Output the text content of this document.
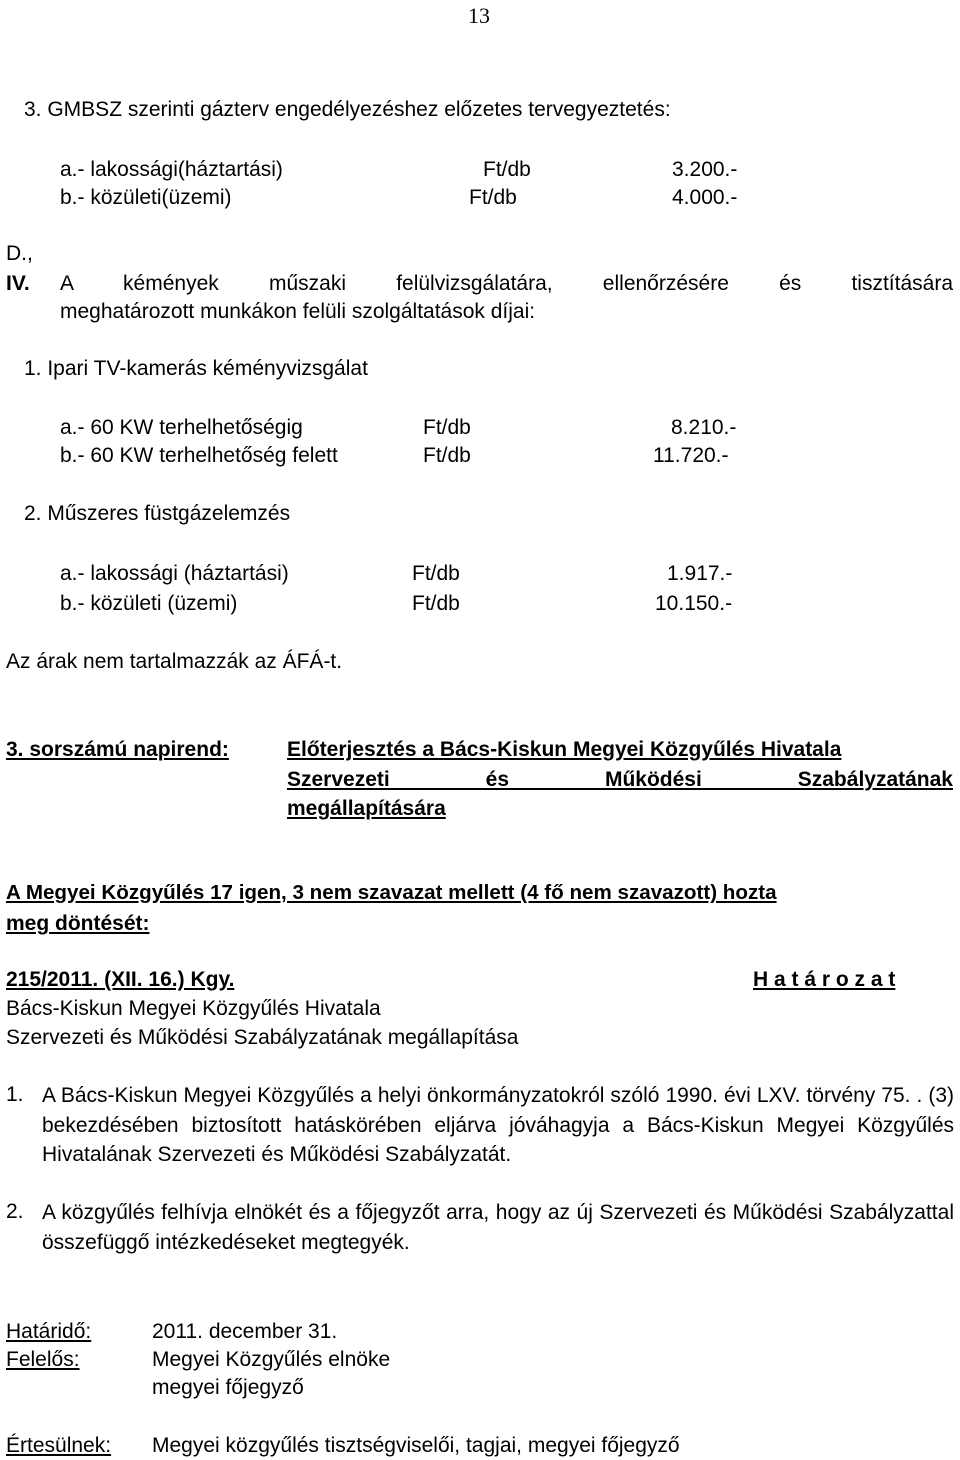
13
3. GMBSZ szerinti gázterv engedélyezéshez előzetes tervegyeztetés:
a.- lakossági(háztartási)	Ft/db	3.200.-
b.- közületi(üzemi)	Ft/db	4.000.-
D.,
IV. A kémények műszaki felülvizsgálatára, ellenőrzésére és tisztítására
meghatározott munkákon felüli szolgáltatások díjai:
1. Ipari TV-kamerás kéményvizsgálat
a.- 60 KW terhelhetőségig	Ft/db	8.210.-
b.- 60 KW terhelhetőség felett	Ft/db	11.720.-
2. Műszeres füstgázelemzés
a.- lakossági (háztartási)	Ft/db	1.917.-
b.- közületi (üzemi)	Ft/db	10.150.-
Az árak nem tartalmazzák az ÁFÁ-t.
3. sorszámú napirend:	Előterjesztés a Bács-Kiskun Megyei Közgyűlés Hivatala
Szervezeti és Működési Szabályzatának
megállapítására
A Megyei Közgyűlés 17 igen, 3 nem szavazat mellett (4 fő nem szavazott) hozta
meg döntését:
215/2011. (XII. 16.) Kgy.	H a t á r o z a t
Bács-Kiskun Megyei Közgyűlés Hivatala
Szervezeti és Működési Szabályzatának megállapítása
1. A Bács-Kiskun Megyei Közgyűlés a helyi önkormányzatokról szóló 1990. évi LXV. törvény 75. . (3) bekezdésében biztosított hatáskörében eljárva jóváhagyja a Bács-Kiskun Megyei Közgyűlés Hivatalának Szervezeti és Működési Szabályzatát.
2. A közgyűlés felhívja elnökét és a főjegyzőt arra, hogy az új Szervezeti és Működési Szabályzattal összefüggő intézkedéseket megtegyék.
Határidő:	2011. december 31.
Felelős:	Megyei Közgyűlés elnöke
megyei főjegyző
Értesülnek: Megyei közgyűlés tisztségviselői, tagjai, megyei főjegyző
